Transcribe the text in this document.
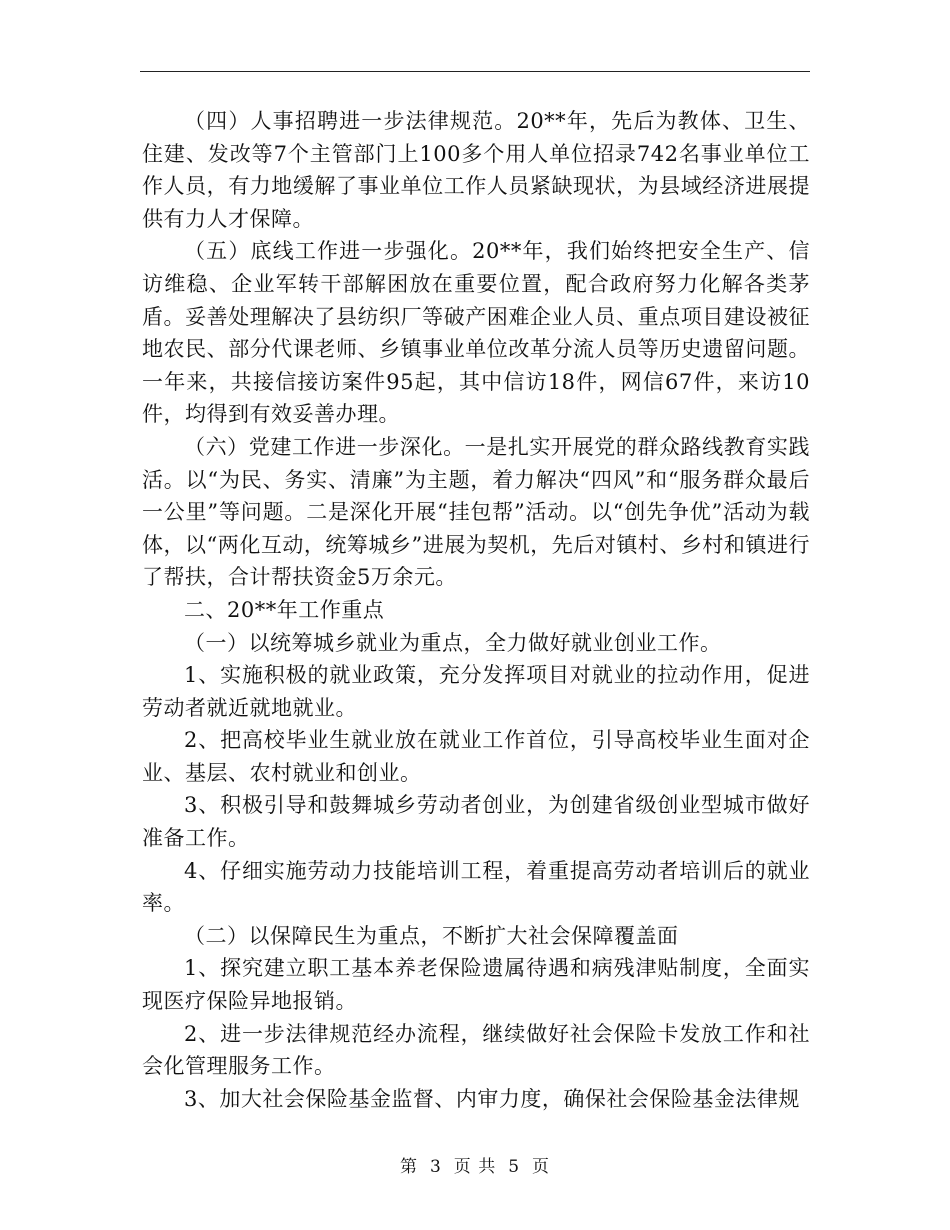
（四）人事招聘进一步法律规范。20**年，先后为教体、卫生、住建、发改等7个主管部门上100多个用人单位招录742名事业单位工作人员，有力地缓解了事业单位工作人员紧缺现状，为县域经济进展提供有力人才保障。

（五）底线工作进一步强化。20**年，我们始终把安全生产、信访维稳、企业军转干部解困放在重要位置，配合政府努力化解各类茅盾。妥善处理解决了县纺织厂等破产困难企业人员、重点项目建设被征地农民、部分代课老师、乡镇事业单位改革分流人员等历史遗留问题。一年来，共接信接访案件95起，其中信访18件，网信67件，来访10件，均得到有效妥善办理。

（六）党建工作进一步深化。一是扎实开展党的群众路线教育实践活。以“为民、务实、清廉”为主题，着力解决“四风”和“服务群众最后一公里”等问题。二是深化开展“挂包帮”活动。以“创先争优”活动为载体，以“两化互动，统筹城乡”进展为契机，先后对镇村、乡村和镇进行了帮扶，合计帮扶资金5万余元。

二、20**年工作重点

（一）以统筹城乡就业为重点，全力做好就业创业工作。

1、实施积极的就业政策，充分发挥项目对就业的拉动作用，促进劳动者就近就地就业。

2、把高校毕业生就业放在就业工作首位，引导高校毕业生面对企业、基层、农村就业和创业。

3、积极引导和鼓舞城乡劳动者创业，为创建省级创业型城市做好准备工作。

4、仔细实施劳动力技能培训工程，着重提高劳动者培训后的就业率。

（二）以保障民生为重点，不断扩大社会保障覆盖面

1、探究建立职工基本养老保险遗属待遇和病残津贴制度，全面实现医疗保险异地报销。

2、进一步法律规范经办流程，继续做好社会保险卡发放工作和社会化管理服务工作。

3、加大社会保险基金监督、内审力度，确保社会保险基金法律规

第 3 页 共 5 页
